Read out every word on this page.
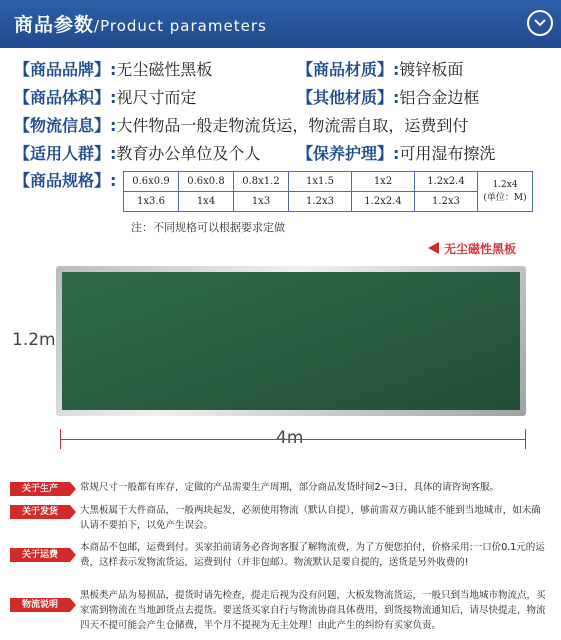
商品参数/Product parameters
【商品品牌】:无尘磁性黑板	【商品材质】:镀锌板面
【商品体积】:视尺寸而定	【其他材质】:铝合金边框
【物流信息】:大件物品一般走物流货运，物流需自取，运费到付
【适用人群】:教育办公单位及个人 【保养护理】:可用湿布擦洗
【商品规格】: 0.6x0.9	0.6x0.8	0.8x1.2	1x1.5	1x2	1.2x2.4	1.2x4
(单位：M)
1x3.6	1x4	1x3	1.2x3	1.2x2.4	1.2x3	
注：不同规格可以根据要求定做
无尘磁性黑板
1.2m
4m
关于生产	常规尺寸一般都有库存，定做的产品需要生产周期，部分商品发货时间2~3日，具体的请咨询客服。
关于发货	大黑板属于大件商品，一般两块起发，必须使用物流（默认自提），够前需双方确认能不能到当地城市，如未确认请不要拍下，以免产生误会。
关于运费
本商品不包邮，运费到付。买家拍前请务必咨询客服了解物流费，为了方便您拍付，价格采用:一口价0.1元的运费，这样表示发物流货运，运费到付（并非包邮）。物流默认是要自提的，送货是另外收费的!
物流说明
黑板类产品为易损品，提货时请先检查，提走后视为没有问题，大板发物流货运，一般只到当地城市物流点，买家需到物流在当地卸货点去提货。要送货买家自行与物流协商具体费用，到货接物流通知后，请尽快提走，物流四天不提可能会产生仓储费，半个月不提视为无主处理！由此产生的纠纷有买家负责。
